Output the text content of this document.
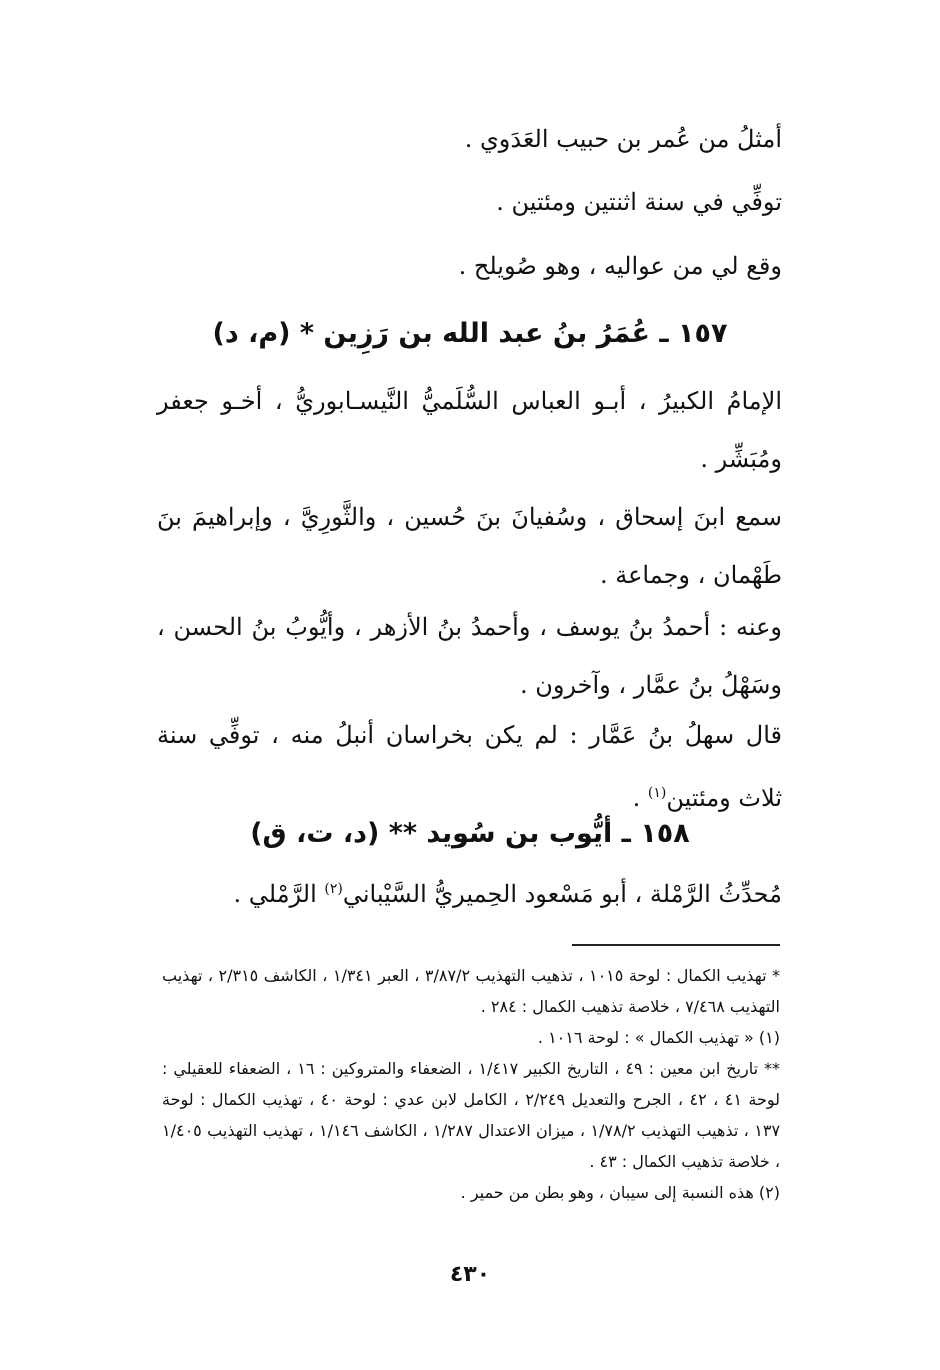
أمثلُ من عُمر بن حبيب العَدَوي .
توفِّي في سنة اثنتين ومئتين .
وقع لي من عواليه ، وهو صُويلح .
١٥٧ ـ عُمَرُ بنُ عبد الله بن رَزِين * (م، د)
الإمامُ الكبيرُ ، أبـو العباس السُّلَميُّ النَّيسـابوريُّ ، أخـو جعفر ومُبَشِّر .
سمع ابنَ إسحاق ، وسُفيانَ بنَ حُسين ، والثَّورِيَّ ، وإبراهيمَ بنَ طَهْمان ، وجماعة .
وعنه : أحمدُ بنُ يوسف ، وأحمدُ بنُ الأزهر ، وأيُّوبُ بنُ الحسن ، وسَهْلُ بنُ عمَّار ، وآخرون .
قال سهلُ بنُ عَمَّار : لم يكن بخراسان أنبلُ منه ، توفِّي سنة ثلاث ومئتين$^{(١)}$ .
١٥٨ ـ أيُّوب بن سُويد ** (د، ت، ق)
مُحدِّثُ الرَّمْلة ، أبو مَسْعود الحِميريُّ السَّيْباني$^{(٢)}$ الرَّمْلي .

* تهذيب الكمال : لوحة ١٠١٥ ، تذهيب التهذيب ٣/٨٧/٢ ، العبر ١/٣٤١ ، الكاشف ٢/٣١٥ ، تهذيب التهذيب ٧/٤٦٨ ، خلاصة تذهيب الكمال : ٢٨٤ .

(١) « تهذيب الكمال » : لوحة ١٠١٦ .

** تاريخ ابن معين : ٤٩ ، التاريخ الكبير ١/٤١٧ ، الضعفاء والمتروكين : ١٦ ، الضعفاء للعقيلي : لوحة ٤١ ، ٤٢ ، الجرح والتعديل ٢/٢٤٩ ، الكامل لابن عدي : لوحة ٤٠ ، تهذيب الكمال : لوحة ١٣٧ ، تذهيب التهذيب ١/٧٨/٢ ، ميزان الاعتدال ١/٢٨٧ ، الكاشف ١/١٤٦ ، تهذيب التهذيب ١/٤٠٥ ، خلاصة تذهيب الكمال : ٤٣ .

(٢) هذه النسبة إلى سيبان ، وهو بطن من حمير .

٤٣٠
